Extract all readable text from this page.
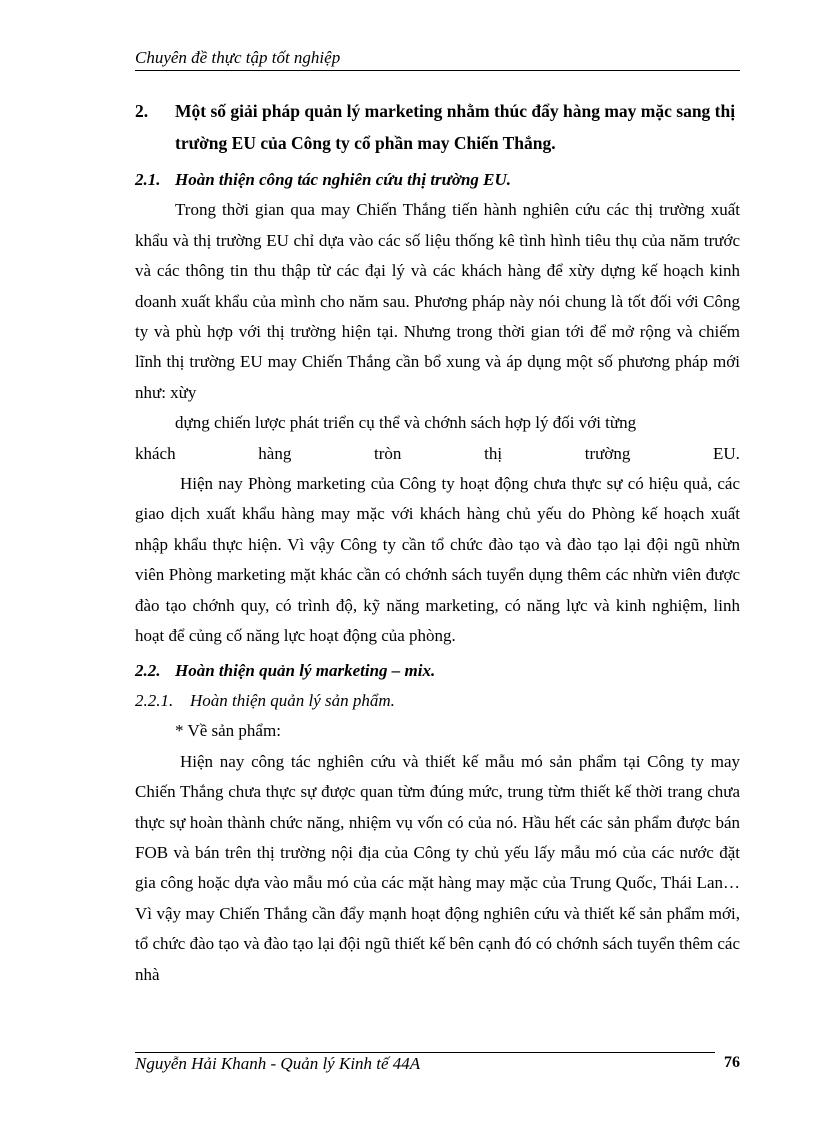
Chuyên đề thực tập tốt nghiệp
2.	Một số giải pháp quản lý marketing nhằm thúc đẩy hàng may mặc sang thị trường EU của Công ty cổ phần may Chiến Thắng.
2.1. Hoàn thiện công tác nghiên cứu thị trường EU.

Trong thời gian qua may Chiến Thắng tiến hành nghiên cứu các thị trường xuất khẩu và thị trường EU chỉ dựa vào các số liệu thống kê tình hình tiêu thụ của năm trước và các thông tin thu thập từ các đại lý và các khách hàng để xừy dựng kế hoạch kinh doanh xuất khẩu của mình cho năm sau. Phương pháp này nói chung là tốt đối với Công ty và phù hợp với thị trường hiện tại. Nhưng trong thời gian tới để mở rộng và chiếm lĩnh thị trường EU may Chiến Thắng cần bổ xung và áp dụng một số phương pháp mới như: xừy

dựng chiến lược phát triển cụ thể và chớnh sách hợp lý đối với từng

khách	hàng	tròn	thị	trường	EU.

Hiện nay Phòng marketing của Công ty hoạt động chưa thực sự có hiệu quả, các giao dịch xuất khẩu hàng may mặc với khách hàng chủ yếu do Phòng kế hoạch xuất nhập khẩu thực hiện. Vì vậy Công ty cần tổ chức đào tạo và đào tạo lại đội ngũ nhừn viên Phòng marketing mặt khác cần có chớnh sách tuyển dụng thêm các nhừn viên được đào tạo chớnh quy, có trình độ, kỹ năng marketing, có năng lực và kinh nghiệm, linh hoạt để củng cố năng lực hoạt động của phòng.

2.2. Hoàn thiện quản lý marketing – mix.
2.2.1. Hoàn thiện quản lý sản phẩm.

* Về sản phẩm:

Hiện nay công tác nghiên cứu và thiết kế mẫu mó sản phẩm tại Công ty may Chiến Thắng chưa thực sự được quan từm đúng mức, trung từm thiết kế thời trang chưa thực sự hoàn thành chức năng, nhiệm vụ vốn có của nó. Hầu hết các sản phẩm được bán FOB và bán trên thị trường nội địa của Công ty chủ yếu lấy mẫu mó của các nước đặt gia công hoặc dựa vào mẫu mó của các mặt hàng may mặc của Trung Quốc, Thái Lan…Vì vậy may Chiến Thắng cần đẩy mạnh hoạt động nghiên cứu và thiết kế sản phẩm mới, tổ chức đào tạo và đào tạo lại đội ngũ thiết kế bên cạnh đó có chớnh sách tuyển thêm các nhà

Nguyễn Hải Khanh - Quản lý Kinh tế 44A	76
